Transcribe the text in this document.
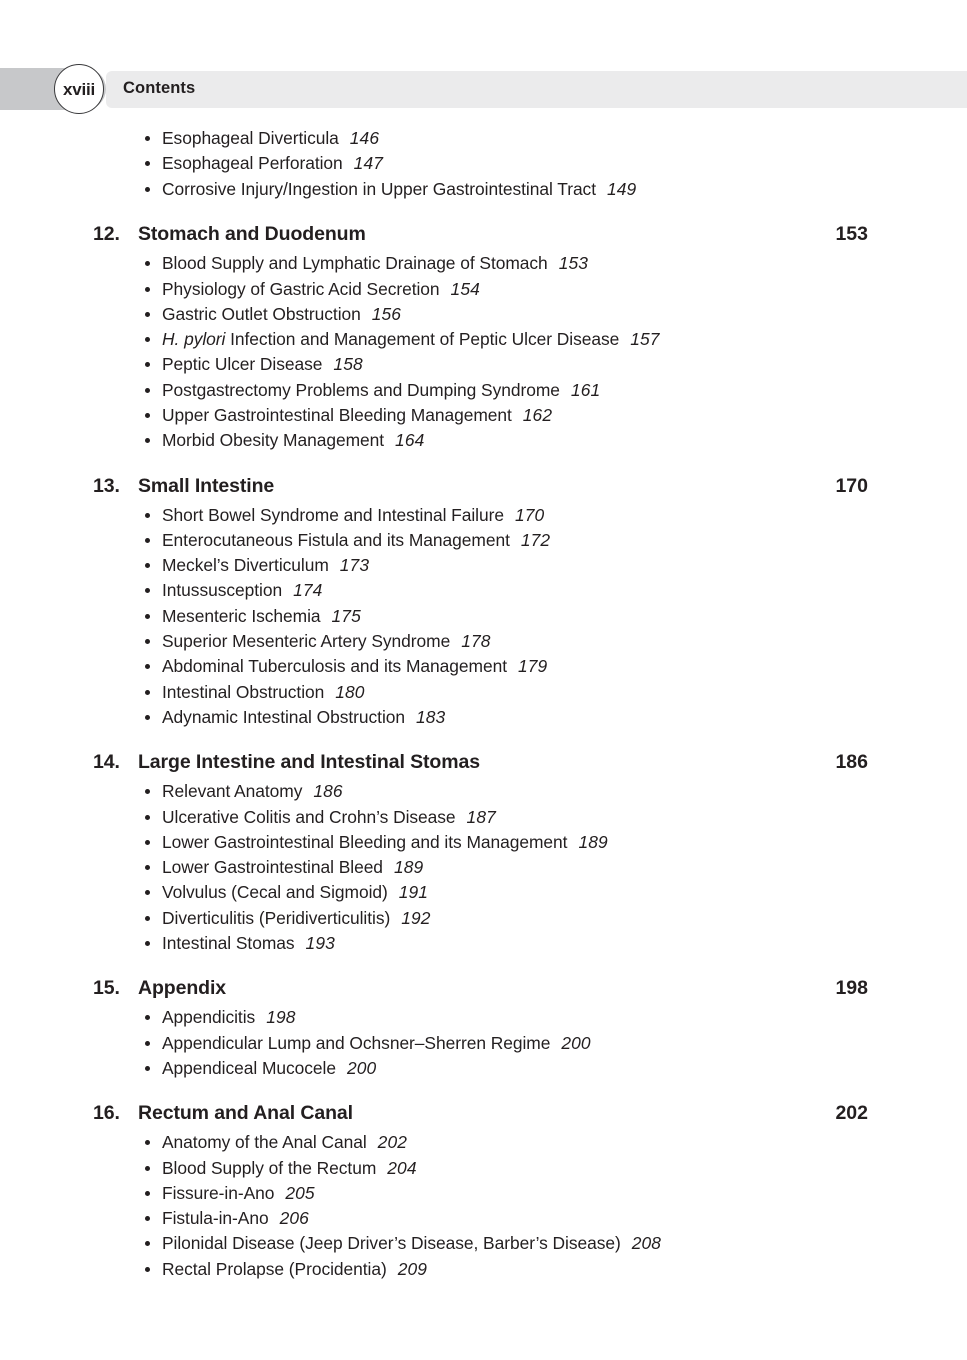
xviii Contents
Esophageal Diverticula 146
Esophageal Perforation 147
Corrosive Injury/Ingestion in Upper Gastrointestinal Tract 149
12. Stomach and Duodenum	153
Blood Supply and Lymphatic Drainage of Stomach 153
Physiology of Gastric Acid Secretion 154
Gastric Outlet Obstruction 156
H. pylori Infection and Management of Peptic Ulcer Disease 157
Peptic Ulcer Disease 158
Postgastrectomy Problems and Dumping Syndrome 161
Upper Gastrointestinal Bleeding Management 162
Morbid Obesity Management 164
13. Small Intestine	170
Short Bowel Syndrome and Intestinal Failure 170
Enterocutaneous Fistula and its Management 172
Meckel’s Diverticulum 173
Intussusception 174
Mesenteric Ischemia 175
Superior Mesenteric Artery Syndrome 178
Abdominal Tuberculosis and its Management 179
Intestinal Obstruction 180
Adynamic Intestinal Obstruction 183
14. Large Intestine and Intestinal Stomas	186
Relevant Anatomy 186
Ulcerative Colitis and Crohn’s Disease 187
Lower Gastrointestinal Bleeding and its Management 189
Lower Gastrointestinal Bleed 189
Volvulus (Cecal and Sigmoid) 191
Diverticulitis (Peridiverticulitis) 192
Intestinal Stomas 193
15. Appendix	198
Appendicitis 198
Appendicular Lump and Ochsner–Sherren Regime 200
Appendiceal Mucocele 200
16. Rectum and Anal Canal	202
Anatomy of the Anal Canal 202
Blood Supply of the Rectum 204
Fissure-in-Ano 205
Fistula-in-Ano 206
Pilonidal Disease (Jeep Driver’s Disease, Barber’s Disease) 208
Rectal Prolapse (Procidentia) 209
